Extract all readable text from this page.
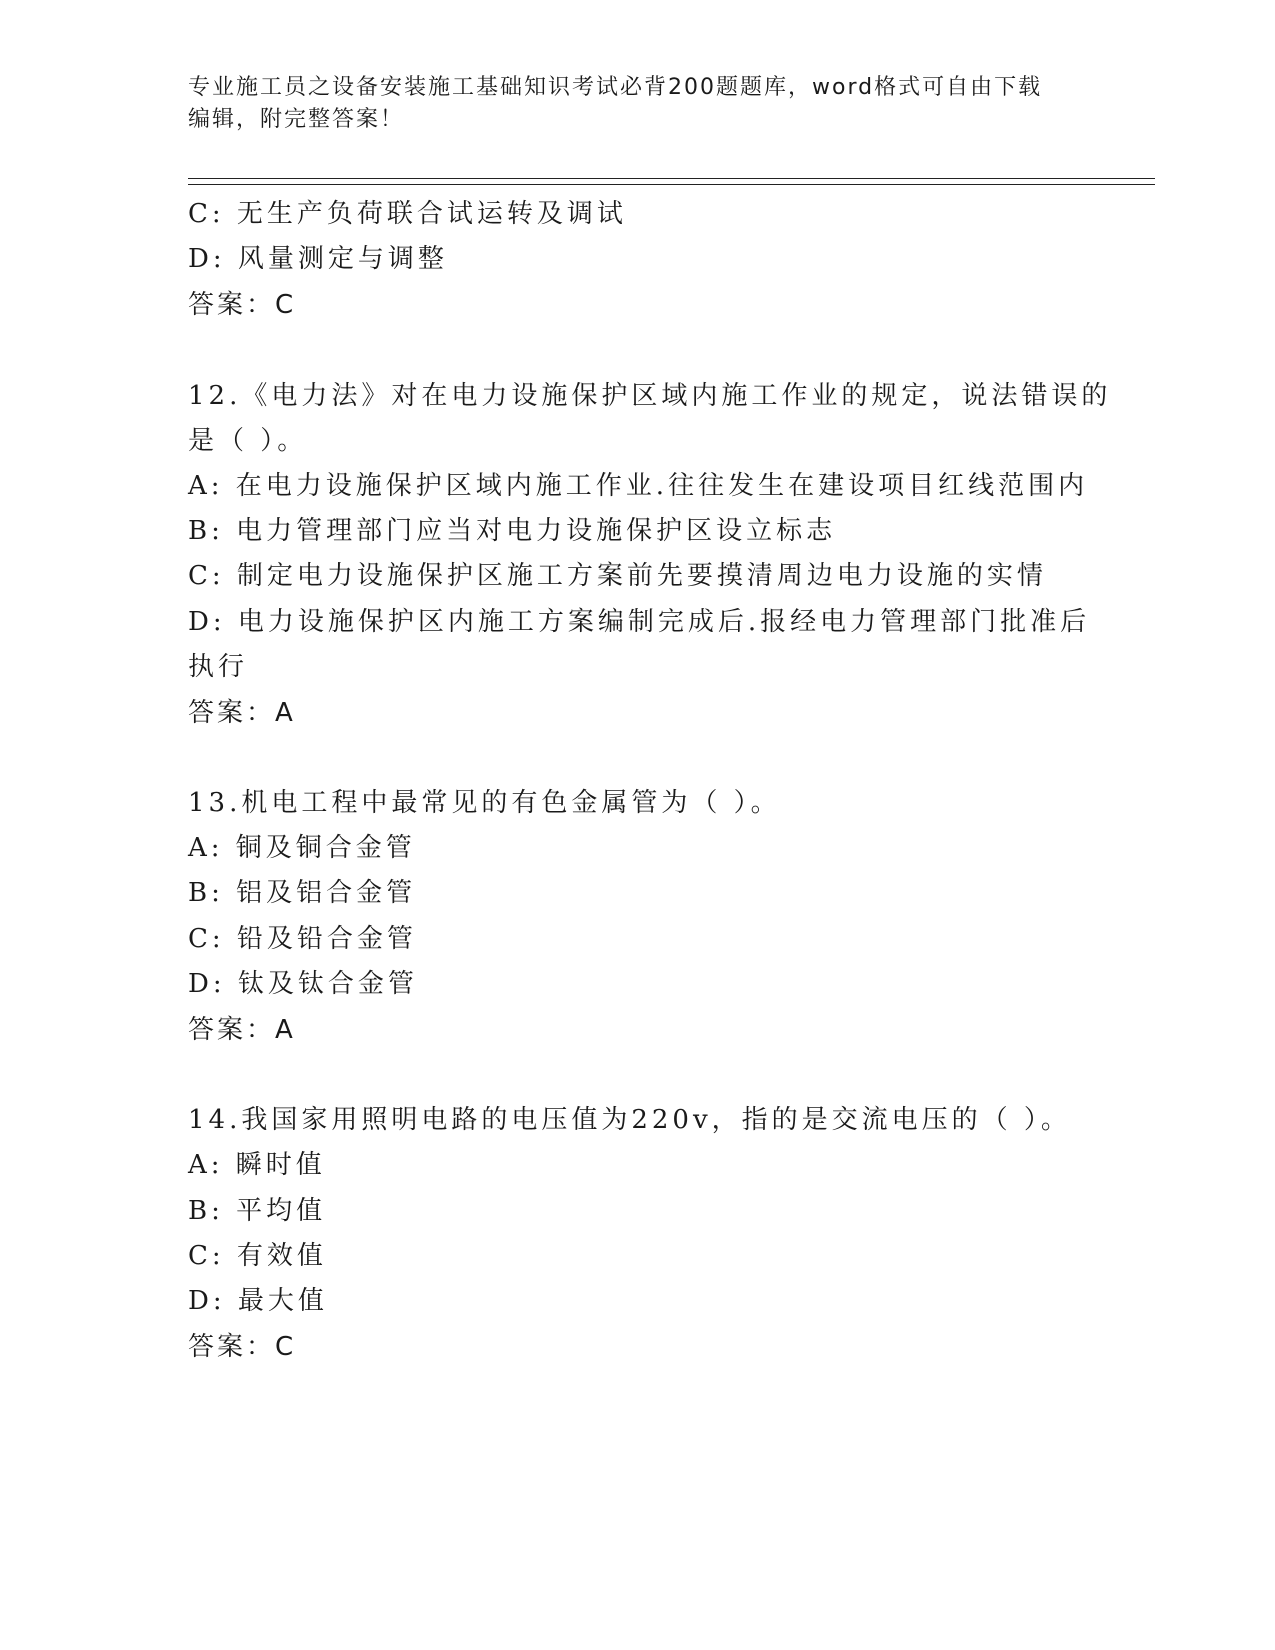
专业施工员之设备安装施工基础知识考试必背200题题库，word格式可自由下载
编辑，附完整答案！
C: 无生产负荷联合试运转及调试
D: 风量测定与调整
答案：C
12.《电力法》对在电力设施保护区域内施工作业的规定，说法错误的
是（ ）。
A: 在电力设施保护区域内施工作业.往往发生在建设项目红线范围内
B: 电力管理部门应当对电力设施保护区设立标志
C: 制定电力设施保护区施工方案前先要摸清周边电力设施的实情
D: 电力设施保护区内施工方案编制完成后.报经电力管理部门批准后
执行
答案：A
13.机电工程中最常见的有色金属管为（ ）。
A: 铜及铜合金管
B: 铝及铝合金管
C: 铅及铅合金管
D: 钛及钛合金管
答案：A
14.我国家用照明电路的电压值为220v，指的是交流电压的（ ）。
A: 瞬时值
B: 平均值
C: 有效值
D: 最大值
答案：C
